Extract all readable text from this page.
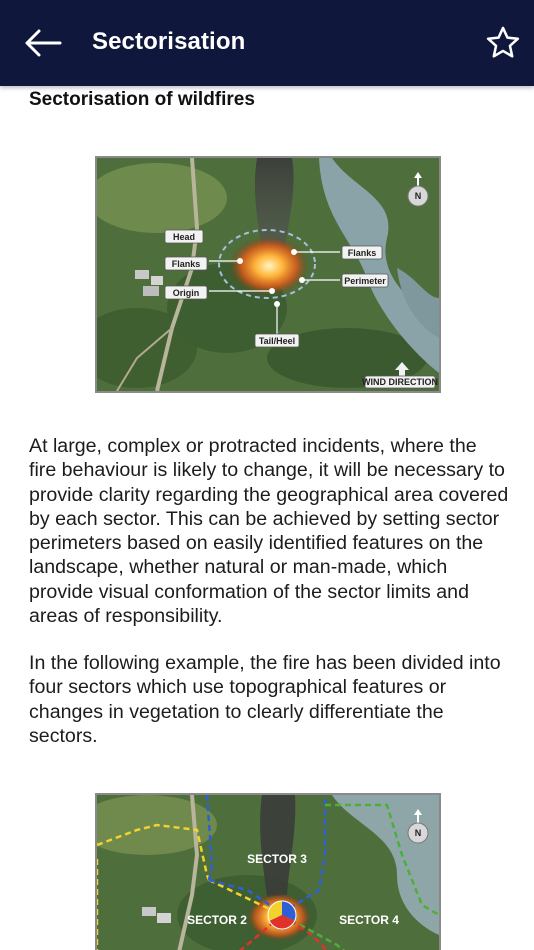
Sectorisation
Sectorisation of wildfires
Head
Flanks
Origin
Flanks
Perimeter
Tail/Heel
N
WIND DIRECTION

At large, complex or protracted incidents, where the fire behaviour is likely to change, it will be necessary to provide clarity regarding the geographical area covered by each sector. This can be achieved by setting sector perimeters based on easily identified features on the landscape, whether natural or man-made, which provide visual conformation of the sector limits and areas of responsibility.

In the following example, the fire has been divided into four sectors which use topographical features or changes in vegetation to clearly differentiate the sectors.

SECTOR 3
SECTOR 2	SECTOR 4
N
